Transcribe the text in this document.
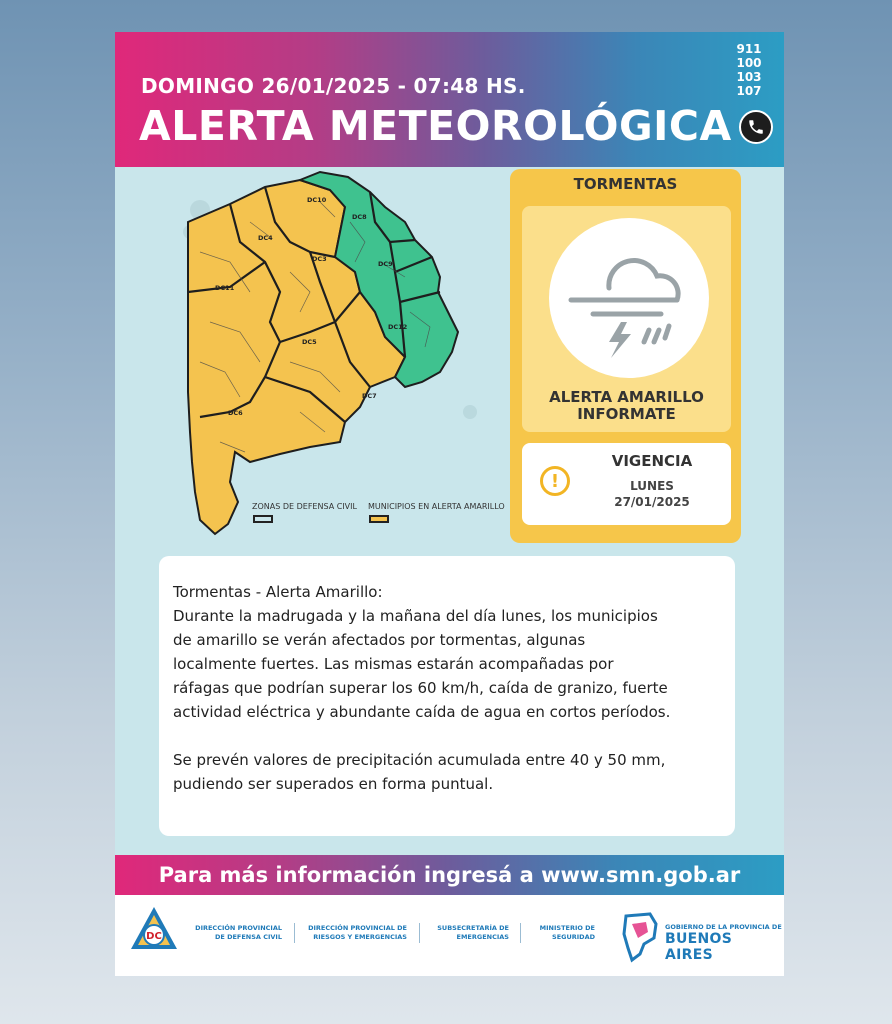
DOMINGO 26/01/2025 - 07:48 HS.
ALERTA METEOROLÓGICA
911
100
103
107
DC10
DC8
DC4
DC3
DC9
DC11
DC12
DC5
DC7
DC6
ZONAS DE DEFENSA CIVIL MUNICIPIOS EN ALERTA AMARILLO
TORMENTAS
ALERTA AMARILLO
INFORMATE
!
VIGENCIA
LUNES
27/01/2025

Tormentas - Alerta Amarillo:

Durante la madrugada y la mañana del día lunes, los municipios

de amarillo se verán afectados por tormentas, algunas

localmente fuertes. Las mismas estarán acompañadas por

ráfagas que podrían superar los 60 km/h, caída de granizo, fuerte

actividad eléctrica y abundante caída de agua en cortos períodos.

Se prevén valores de precipitación acumulada entre 40 y 50 mm,

pudiendo ser superados en forma puntual.

Para más información ingresá a www.smn.gob.ar
DC
DIRECCIÓN PROVINCIAL
DE DEFENSA CIVIL
DIRECCIÓN PROVINCIAL DE
RIESGOS Y EMERGENCIAS
SUBSECRETARÍA DE
EMERGENCIAS
MINISTERIO DE
SEGURIDAD
GOBIERNO DE LA PROVINCIA DE
BUENOS AIRES
